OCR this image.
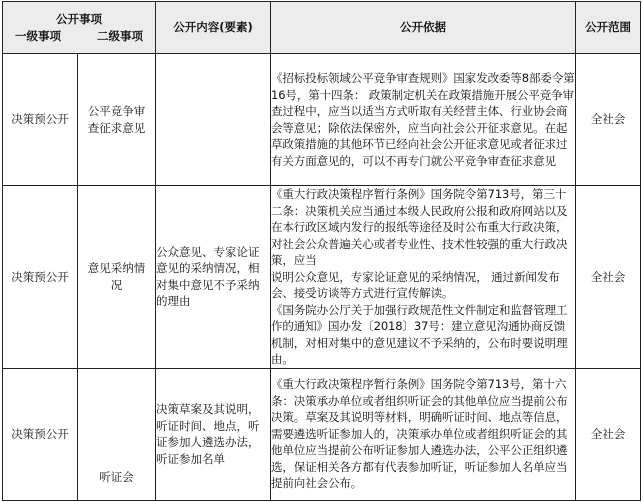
公开事项
一级事项 二级事项		公开内容(要素)	公开依据	公开范围
决策预公开	公平竞争审查征求意见		《招标投标领域公平竞争审查规则》国家发改委等8部委令第16号，第十四条： 政策制定机关在政策措施开展公平竞争审查过程中，应当以适当方式听取有关经营主体、行业协会商会等意见；除依法保密外，应当向社会公开征求意见。在起草政策措施的其他环节已经向社会公开征求意见或者征求过有关方面意见的，可以不再专门就公平竞争审查征求意见	全社会
决策预公开	意见采纳情况	公众意见、专家论证意见的采纳情况，相对集中意见不予采纳的理由	《重大行政决策程序暂行条例》国务院令第713号，第三十二条：决策机关应当通过本级人民政府公报和政府网站以及在本行政区域内发行的报纸等途径及时公布重大行政决策，对社会公众普遍关心或者专业性、技术性较强的重大行政决策，应当

说明公众意见，专家论证意见的采纳情况， 通过新闻发布会、接受访谈等方式进行宣传解读。

《国务院办公厅关于加强行政规范性文件制定和监督管理工作的通知》国办发〔2018〕37号：建立意见沟通协商反馈机制，对相对集中的意见建议不予采纳的，公布时要说明理由。	全社会
决策预公开	听证会	决策草案及其说明，听证时间、地点，听证参加人遴选办法，听证参加名单	《重大行政决策程序暂行条例》国务院令第713号，第十六条：决策承办单位或者组织听证会的其他单位应当提前公布决策。草案及其说明等材料，明确听证时间、地点等信息，需要遴选听证参加人的，决策承办单位或者组织听证会的其他单位应当提前公布听证参加人遴选办法，公平公正组织遴选，保证相关各方都有代表参加听证，听证参加人名单应当提前向社会公布。	全社会
